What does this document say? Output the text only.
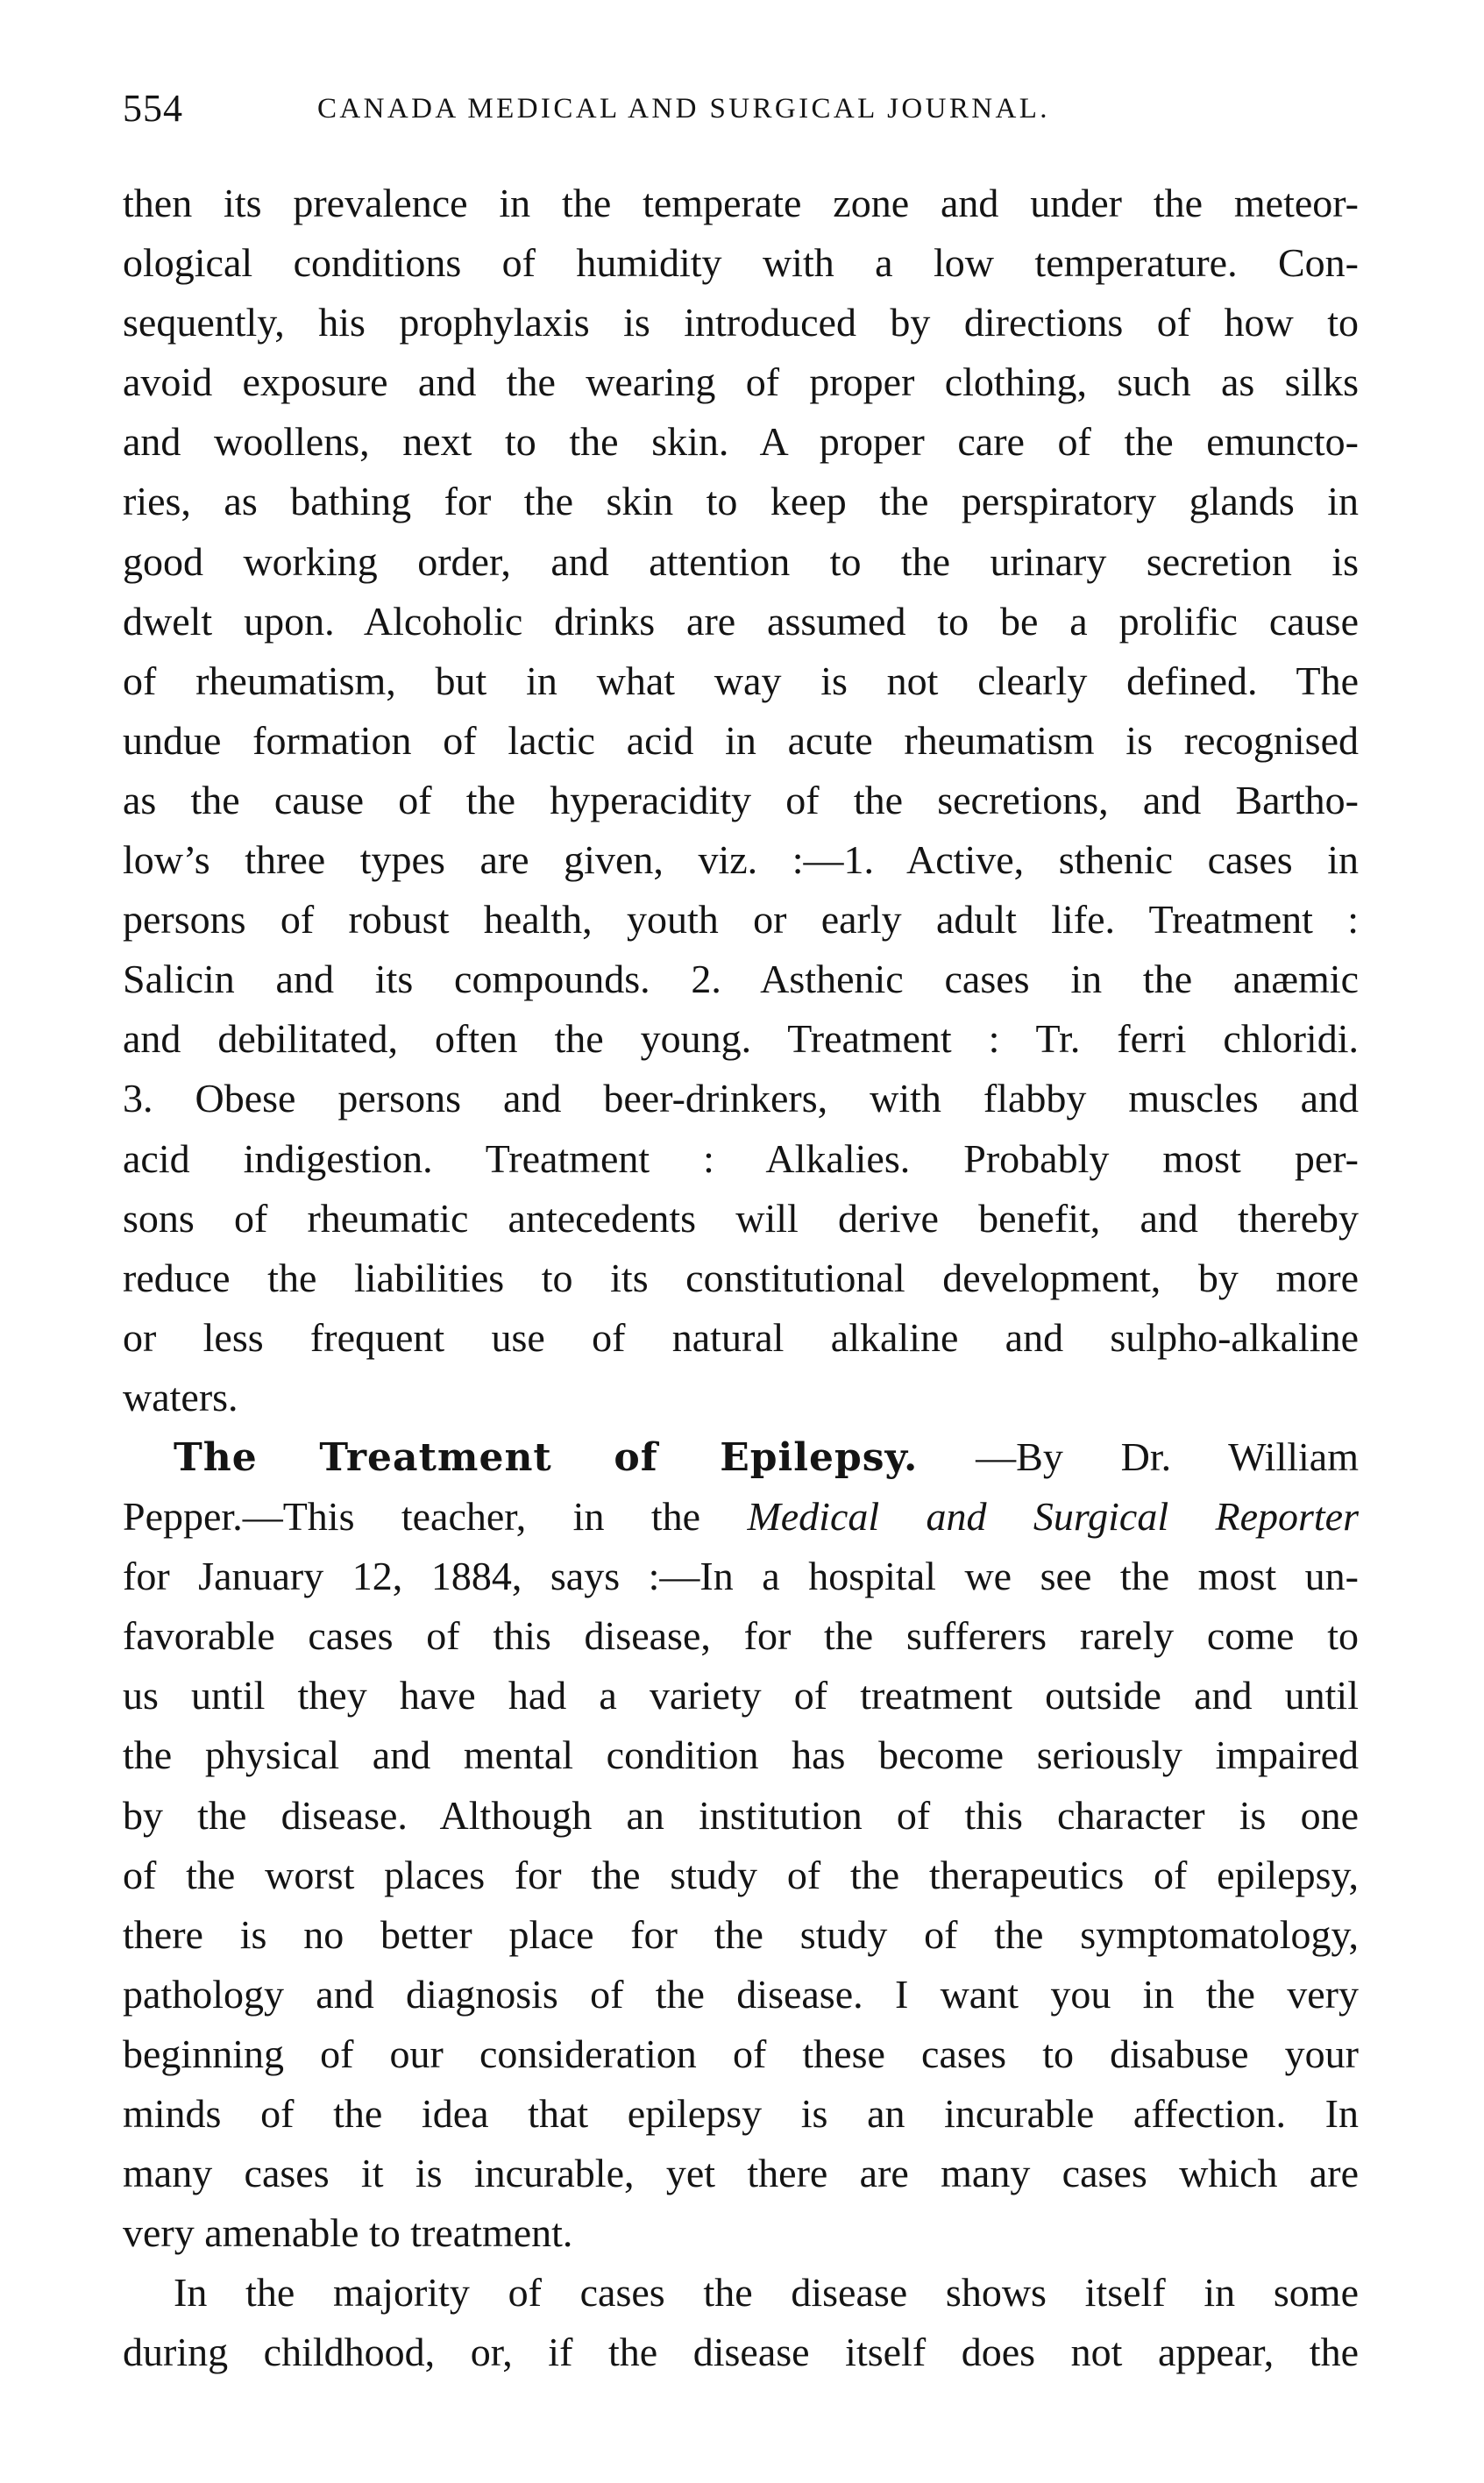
554	CANADA MEDICAL AND SURGICAL JOURNAL.
then its prevalence in the temperate zone and under the meteor-
ological conditions of humidity with a low temperature. Con-
sequently, his prophylaxis is introduced by directions of how to
avoid exposure and the wearing of proper clothing, such as silks
and woollens, next to the skin. A proper care of the emuncto-
ries, as bathing for the skin to keep the perspiratory glands in
good working order, and attention to the urinary secretion is
dwelt upon. Alcoholic drinks are assumed to be a prolific cause
of rheumatism, but in what way is not clearly defined. The
undue formation of lactic acid in acute rheumatism is recognised
as the cause of the hyperacidity of the secretions, and Bartho-
low’s three types are given, viz. :—1. Active, sthenic cases in
persons of robust health, youth or early adult life. Treatment :
Salicin and its compounds. 2. Asthenic cases in the anæmic
and debilitated, often the young. Treatment : Tr. ferri chloridi.
3. Obese persons and beer-drinkers, with flabby muscles and
acid indigestion. Treatment : Alkalies. Probably most per-
sons of rheumatic antecedents will derive benefit, and thereby
reduce the liabilities to its constitutional development, by more
or less frequent use of natural alkaline and sulpho-alkaline
waters.
The Treatment of Epilepsy. —By Dr. William
Pepper.—This teacher, in the Medical and Surgical Reporter
for January 12, 1884, says :—In a hospital we see the most un-
favorable cases of this disease, for the sufferers rarely come to
us until they have had a variety of treatment outside and until
the physical and mental condition has become seriously impaired
by the disease. Although an institution of this character is one
of the worst places for the study of the therapeutics of epilepsy,
there is no better place for the study of the symptomatology,
pathology and diagnosis of the disease. I want you in the very
beginning of our consideration of these cases to disabuse your
minds of the idea that epilepsy is an incurable affection. In
many cases it is incurable, yet there are many cases which are
very amenable to treatment.
In the majority of cases the disease shows itself in some
during childhood, or, if the disease itself does not appear, the
